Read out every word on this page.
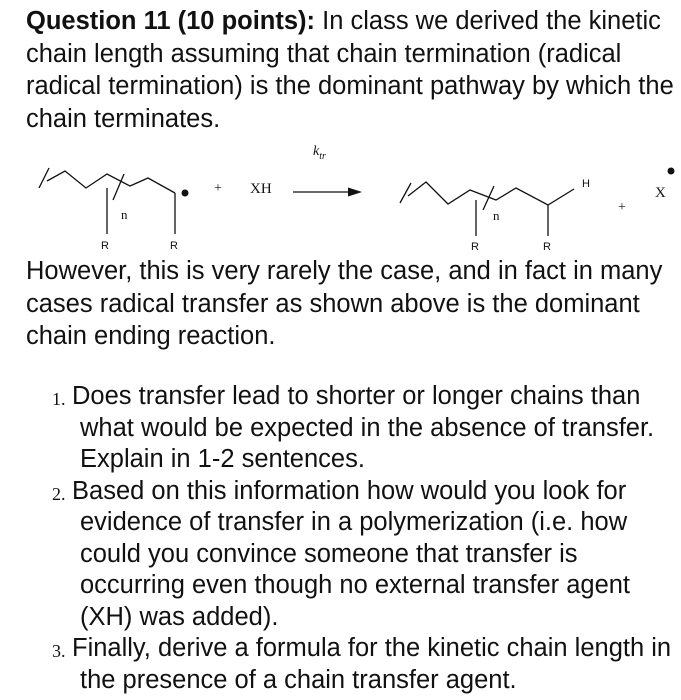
Question 11 (10 points): In class we derived the kinetic chain length assuming that chain termination (radical radical termination) is the dominant pathway by which the chain terminates.
n
R	R
+ XH
$k_{tr}$
n
H
R	R
+
X
However, this is very rarely the case, and in fact in many cases radical transfer as shown above is the dominant chain ending reaction.
1. Does transfer lead to shorter or longer chains than what would be expected in the absence of transfer. Explain in 1-2 sentences.
2. Based on this information how would you look for evidence of transfer in a polymerization (i.e. how could you convince someone that transfer is occurring even though no external transfer agent (XH) was added).
3. Finally, derive a formula for the kinetic chain length in the presence of a chain transfer agent.
